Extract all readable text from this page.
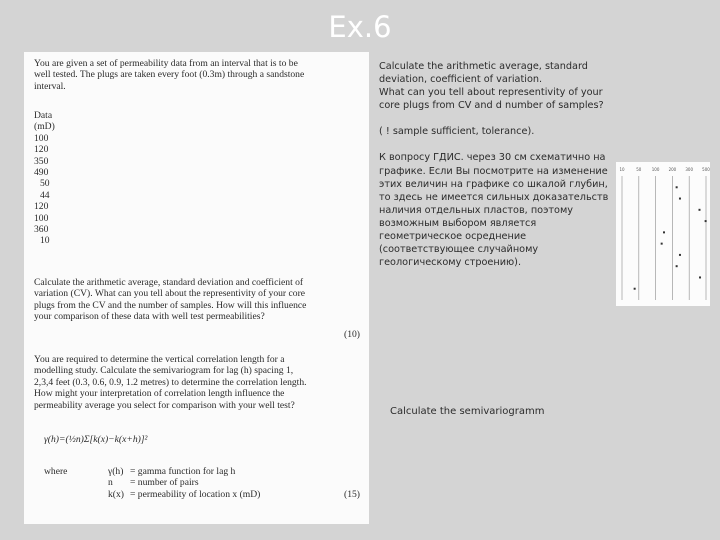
Ex.6
You are given a set of permeability data from an interval that is to be
well tested. The plugs are taken every foot (0.3m) through a sandstone
interval.
Data
(mD)
100
120
350
490
50
44
120
100
360
10
Calculate the arithmetic average, standard deviation and coefficient of
variation (CV). What can you tell about the representivity of your core
plugs from the CV and the number of samples. How will this influence
your comparison of these data with well test permeabilities?
(10)
You are required to determine the vertical correlation length for a
modelling study. Calculate the semivariogram for lag (h) spacing 1,
2,3,4 feet (0.3, 0.6, 0.9, 1.2 metres) to determine the correlation length.
How might your interpretation of correlation length influence the
permeability average you select for comparison with your well test?
γ(h)=(½n)Σ[k(x)−k(x+h)]²
where	γ(h) = gamma function for lag h
n	= number of pairs
k(x) = permeability of location x (mD)	(15)

Calculate the arithmetic average, standard

deviation, coefficient of variation.

What can you tell about representivity of your

core plugs from CV and d number of samples?

( ! sample sufficient, tolerance).

К вопросу ГДИС. через 30 см схематично на

графике. Если Вы посмотрите на изменение

этих величин на графике со шкалой глубин,

то здесь не имеется сильных доказательств

наличия отдельных пластов, поэтому

возможным выбором является

геометрическое осреднение

(соответствующее случайному

геологическому строению).

10	50	100 200 300 500
Calculate the semivariogramm
